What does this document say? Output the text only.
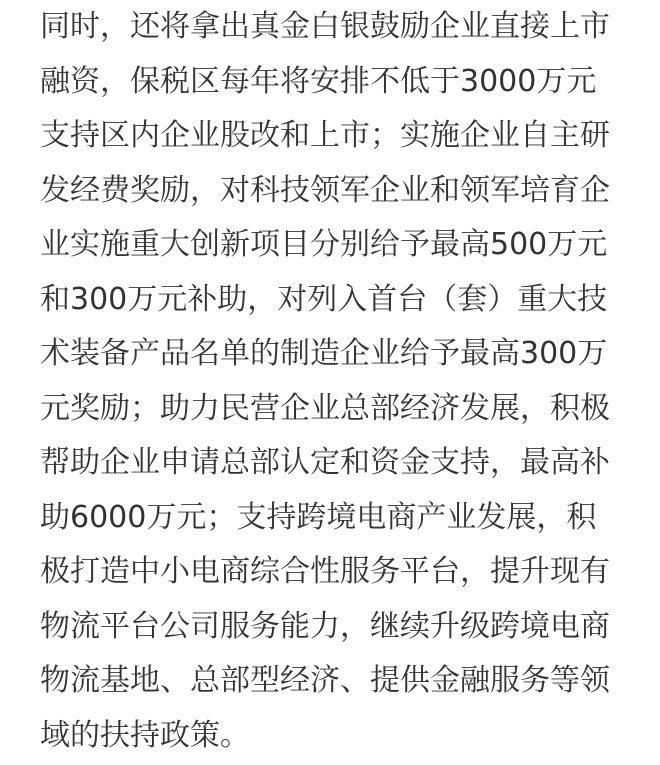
同时，还将拿出真金白银鼓励企业直接上市
融资，保税区每年将安排不低于3000万元
支持区内企业股改和上市；实施企业自主研
发经费奖励，对科技领军企业和领军培育企
业实施重大创新项目分别给予最高500万元
和300万元补助，对列入首台（套）重大技
术装备产品名单的制造企业给予最高300万
元奖励；助力民营企业总部经济发展，积极
帮助企业申请总部认定和资金支持，最高补
助6000万元；支持跨境电商产业发展，积
极打造中小电商综合性服务平台，提升现有
物流平台公司服务能力，继续升级跨境电商
物流基地、总部型经济、提供金融服务等领
域的扶持政策。
